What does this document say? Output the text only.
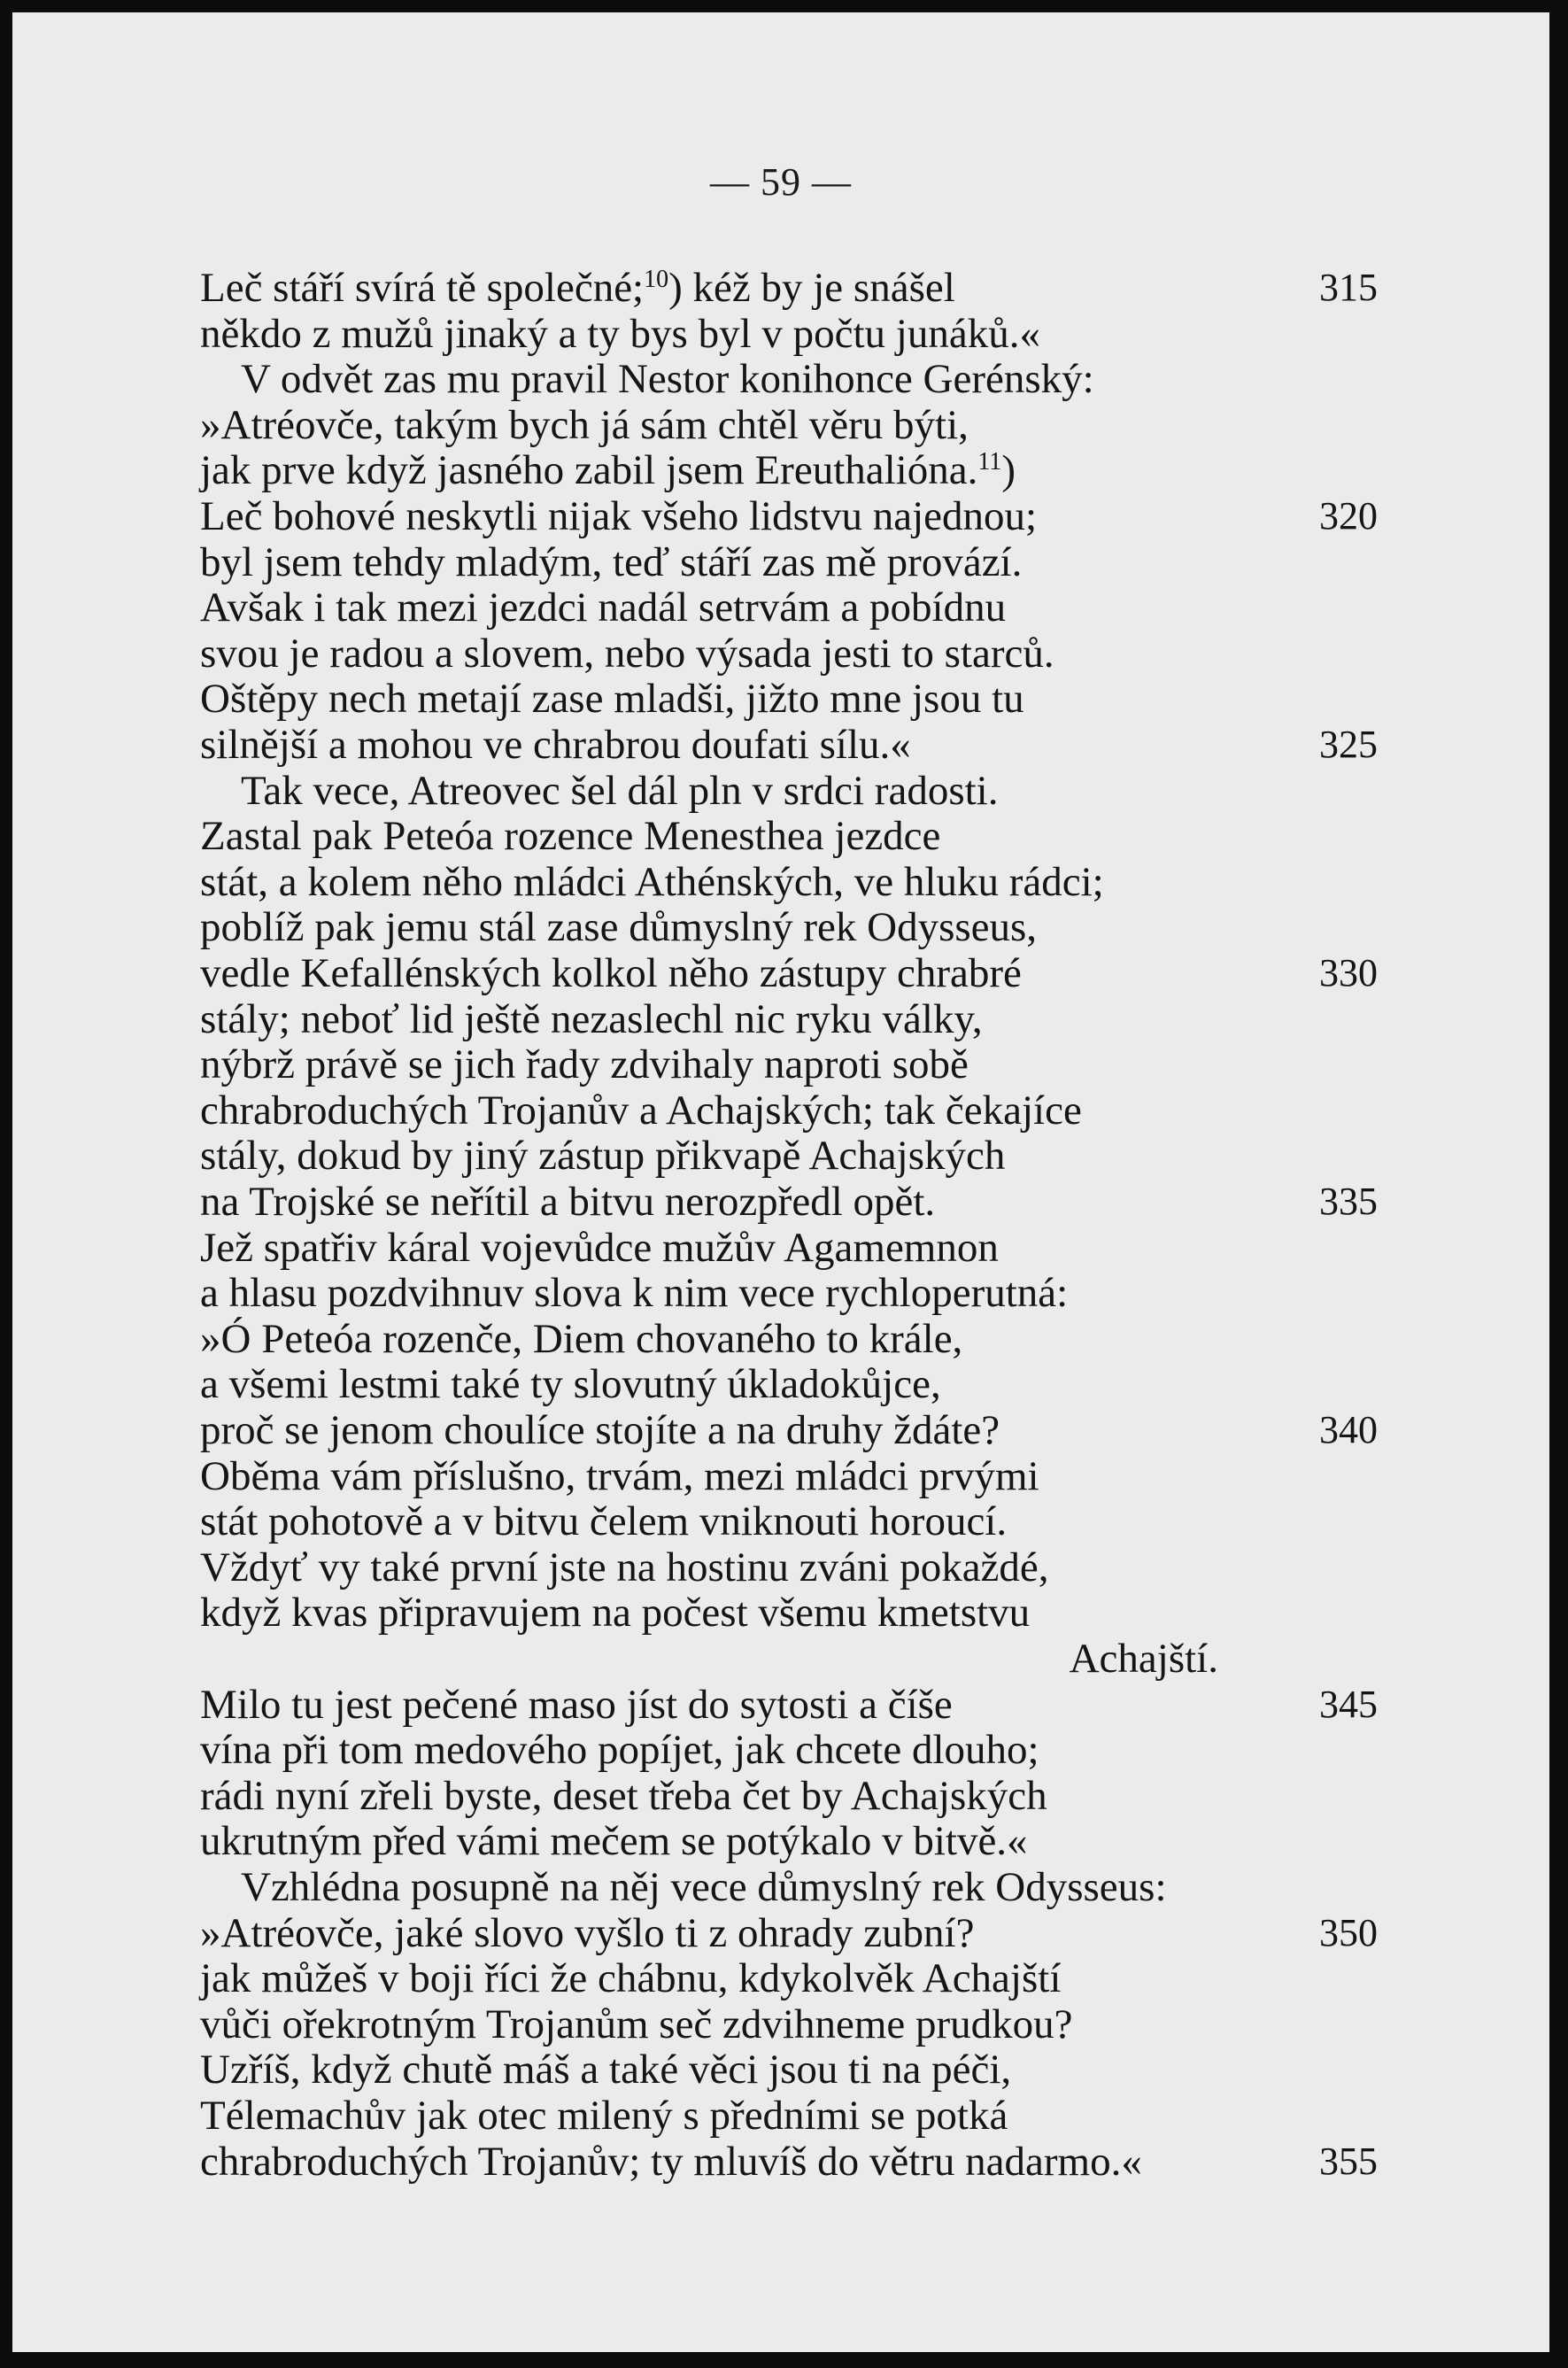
— 59 —
Leč stáří svírá tě společné;$^{10}$) kéž by je snášel	315
někdo z mužů jinaký a ty bys byl v počtu junáků.«
V odvět zas mu pravil Nestor konihonce Gerénský:
»Atréovče, takým bych já sám chtěl věru býti,
jak prve když jasného zabil jsem Ereuthalióna.$^{11}$)
Leč bohové neskytli nijak všeho lidstvu najednou;	320
byl jsem tehdy mladým, teď stáří zas mě provází.
Avšak i tak mezi jezdci nadál setrvám a pobídnu
svou je radou a slovem, nebo výsada jesti to starců.
Oštěpy nech metají zase mladši, jižto mne jsou tu
silnější a mohou ve chrabrou doufati sílu.«	325
Tak vece, Atreovec šel dál pln v srdci radosti.
Zastal pak Peteóa rozence Menesthea jezdce
stát, a kolem něho mládci Athénských, ve hluku rádci;
poblíž pak jemu stál zase důmyslný rek Odysseus,
vedle Kefallénských kolkol něho zástupy chrabré	330
stály; neboť lid ještě nezaslechl nic ryku války,
nýbrž právě se jich řady zdvihaly naproti sobě
chrabroduchých Trojanův a Achajských; tak čekajíce
stály, dokud by jiný zástup přikvapě Achajských
na Trojské se neřítil a bitvu nerozpředl opět.	335
Jež spatřiv káral vojevůdce mužův Agamemnon
a hlasu pozdvihnuv slova k nim vece rychloperutná:
»Ó Peteóa rozenče, Diem chovaného to krále,
a všemi lestmi také ty slovutný úkladokůjce,
proč se jenom choulíce stojíte a na druhy ždáte?	340
Oběma vám příslušno, trvám, mezi mládci prvými
stát pohotově a v bitvu čelem vniknouti horoucí.
Vždyť vy také první jste na hostinu zváni pokaždé,
když kvas připravujem na počest všemu kmetstvu
Achajští.
Milo tu jest pečené maso jíst do sytosti a číše	345
vína při tom medového popíjet, jak chcete dlouho;
rádi nyní zřeli byste, deset třeba čet by Achajských
ukrutným před vámi mečem se potýkalo v bitvě.«
Vzhlédna posupně na něj vece důmyslný rek Odysseus:
»Atréovče, jaké slovo vyšlo ti z ohrady zubní?	350
jak můžeš v boji říci že chábnu, kdykolvěk Achajští
vůči ořekrotným Trojanům seč zdvihneme prudkou?
Uzříš, když chutě máš a také věci jsou ti na péči,
Télemachův jak otec milený s předními se potká
chrabroduchých Trojanův; ty mluvíš do větru nadarmo.«	355
